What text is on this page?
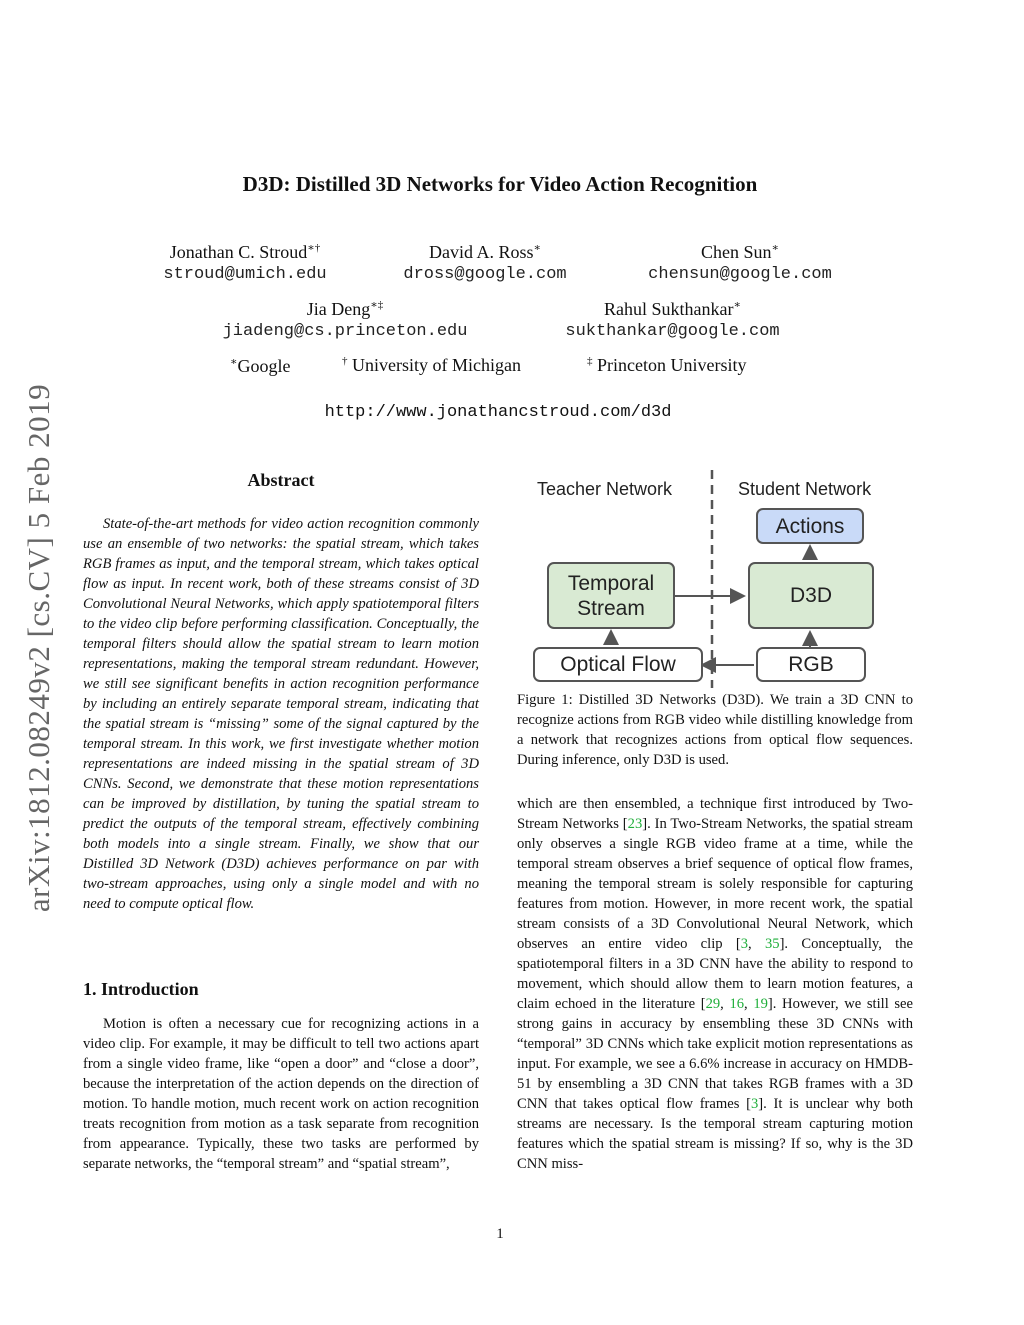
arXiv:1812.08249v2 [cs.CV] 5 Feb 2019
D3D: Distilled 3D Networks for Video Action Recognition
Jonathan C. Stroud∗†
stroud@umich.edu
David A. Ross∗
dross@google.com
Chen Sun∗
chensun@google.com
Jia Deng∗‡
jiadeng@cs.princeton.edu
Rahul Sukthankar∗
sukthankar@google.com
∗Google	† University of Michigan	‡ Princeton University
http://www.jonathancstroud.com/d3d
Abstract
State-of-the-art methods for video action recognition commonly use an ensemble of two networks: the spatial stream, which takes RGB frames as input, and the temporal stream, which takes optical flow as input. In recent work, both of these streams consist of 3D Convolutional Neural Networks, which apply spatiotemporal filters to the video clip before performing classification. Conceptually, the temporal filters should allow the spatial stream to learn motion representations, making the temporal stream redundant. However, we still see significant benefits in action recognition performance by including an entirely separate temporal stream, indicating that the spatial stream is “missing” some of the signal captured by the temporal stream. In this work, we first investigate whether motion representations are indeed missing in the spatial stream of 3D CNNs. Second, we demonstrate that these motion representations can be improved by distillation, by tuning the spatial stream to predict the outputs of the temporal stream, effectively combining both models into a single stream. Finally, we show that our Distilled 3D Network (D3D) achieves performance on par with two-stream approaches, using only a single model and with no need to compute optical flow.
1. Introduction
Motion is often a necessary cue for recognizing actions in a video clip. For example, it may be difficult to tell two actions apart from a single video frame, like “open a door” and “close a door”, because the interpretation of the action depends on the direction of motion. To handle motion, much recent work on action recognition treats recognition from motion as a task separate from recognition from appearance. Typically, these two tasks are performed by separate networks, the “temporal stream” and “spatial stream”,
Teacher Network	Student Network
Actions
Temporal
Stream
D3D
Optical Flow	RGB
Figure 1: Distilled 3D Networks (D3D). We train a 3D CNN to recognize actions from RGB video while distilling knowledge from a network that recognizes actions from optical flow sequences. During inference, only D3D is used.
which are then ensembled, a technique first introduced by Two-Stream Networks [23]. In Two-Stream Networks, the spatial stream only observes a single RGB video frame at a time, while the temporal stream observes a brief sequence of optical flow frames, meaning the temporal stream is solely responsible for capturing features from motion. However, in more recent work, the spatial stream consists of a 3D Convolutional Neural Network, which observes an entire video clip [3, 35]. Conceptually, the spatiotemporal filters in a 3D CNN have the ability to respond to movement, which should allow them to learn motion features, a claim echoed in the literature [29, 16, 19]. However, we still see strong gains in accuracy by ensembling these 3D CNNs with “temporal” 3D CNNs which take explicit motion representations as input. For example, we see a 6.6% increase in accuracy on HMDB-51 by ensembling a 3D CNN that takes RGB frames with a 3D CNN that takes optical flow frames [3]. It is unclear why both streams are necessary. Is the temporal stream capturing motion features which the spatial stream is missing? If so, why is the 3D CNN miss-
1
